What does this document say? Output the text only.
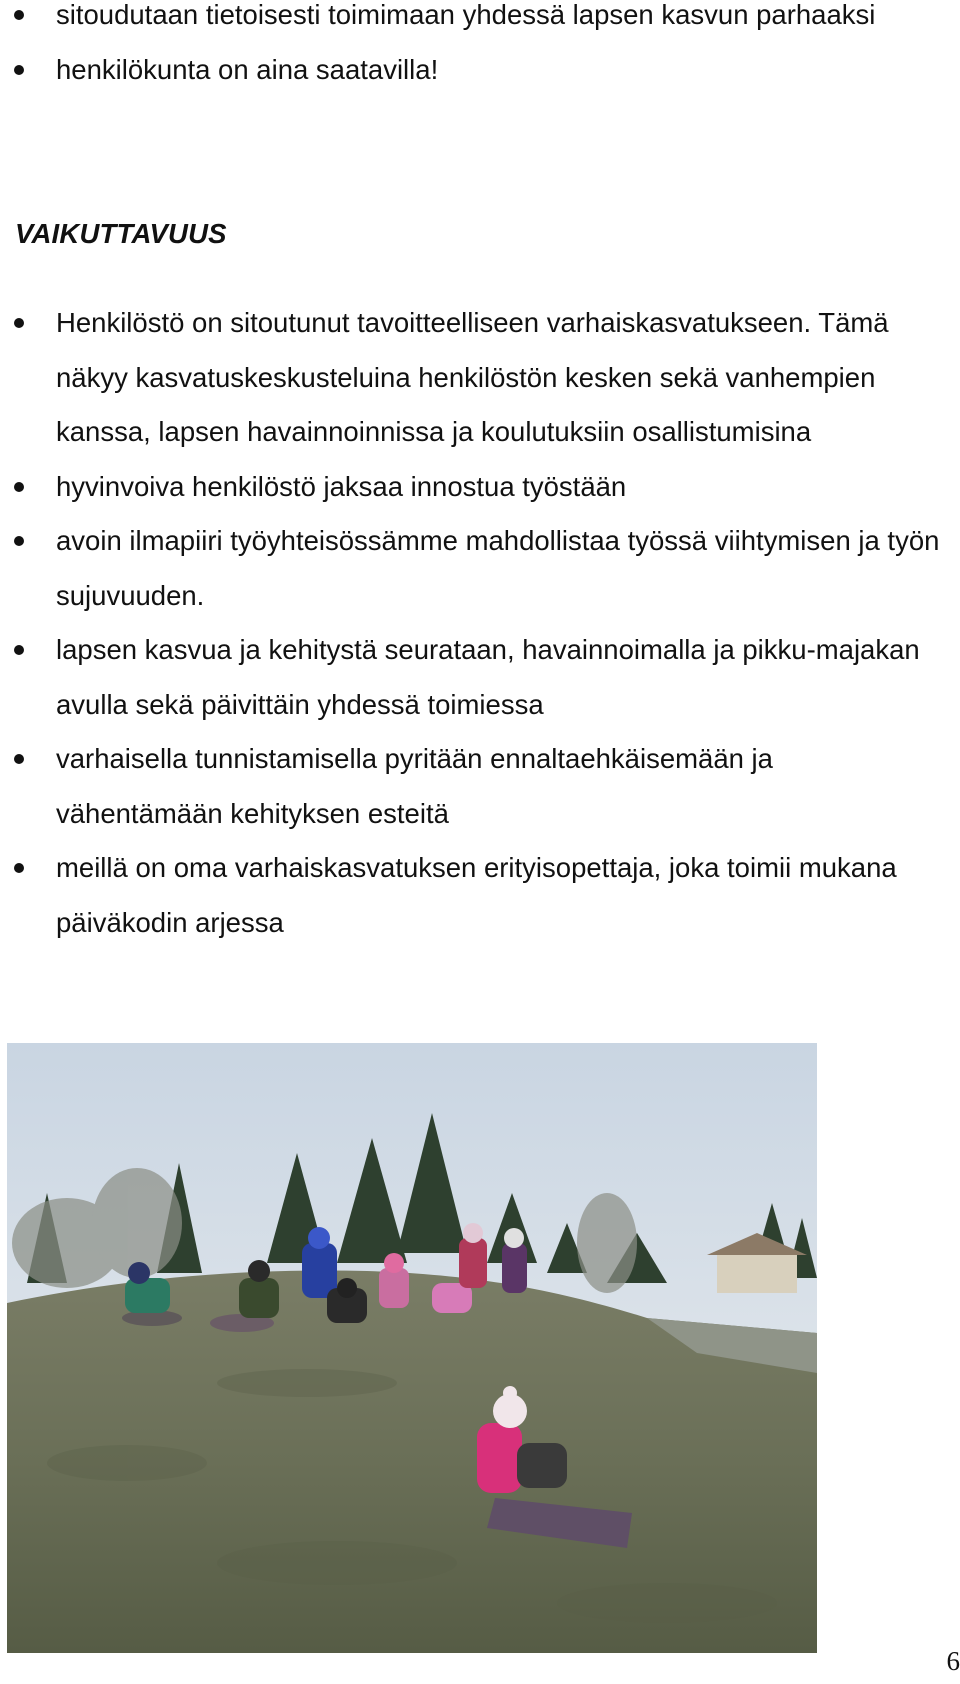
sitoudutaan tietoisesti toimimaan yhdessä lapsen kasvun parhaaksi
henkilökunta on aina saatavilla!
VAIKUTTAVUUS
Henkilöstö on sitoutunut tavoitteelliseen varhaiskasvatukseen. Tämä näkyy kasvatuskeskusteluina henkilöstön kesken sekä vanhempien kanssa, lapsen havainnoinnissa ja koulutuksiin osallistumisina
hyvinvoiva henkilöstö jaksaa innostua työstään
avoin ilmapiiri työyhteisössämme mahdollistaa työssä viihtymisen ja työn sujuvuuden.
lapsen kasvua ja kehitystä seurataan, havainnoimalla ja pikku-majakan avulla sekä päivittäin yhdessä toimiessa
varhaisella tunnistamisella pyritään ennaltaehkäisemään ja vähentämään kehityksen esteitä
meillä on oma varhaiskasvatuksen erityisopettaja, joka toimii mukana päiväkodin arjessa
6
